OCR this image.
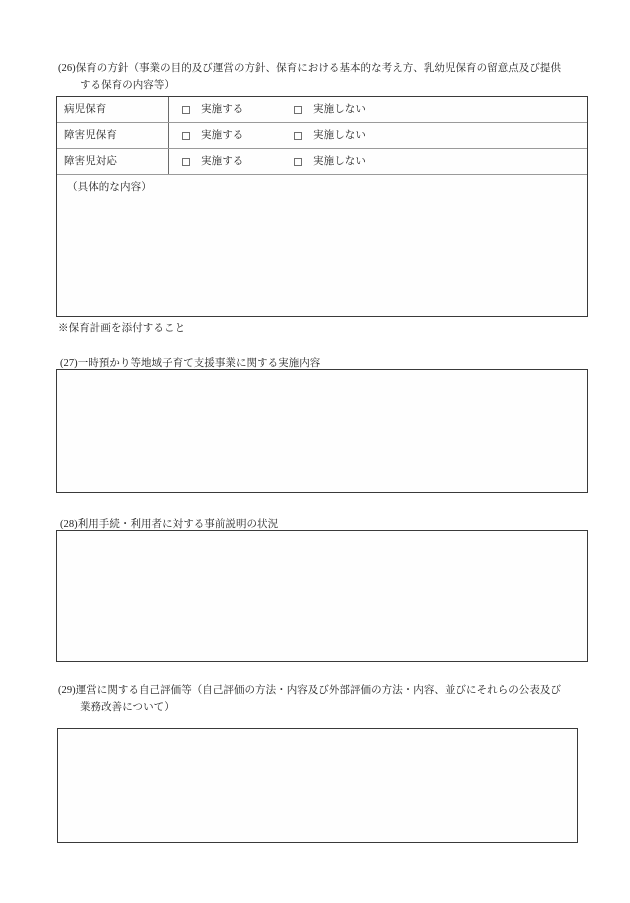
(26)保育の方針（事業の目的及び運営の方針、保育における基本的な考え方、乳幼児保育の留意点及び提供
する保育の内容等）
病児保育	実施する	実施しない
障害児保育	実施する	実施しない
障害児対応	実施する	実施しない
（具体的な内容）
※保育計画を添付すること
(27)一時預かり等地域子育て支援事業に関する実施内容
(28)利用手続・利用者に対する事前説明の状況
(29)運営に関する自己評価等（自己評価の方法・内容及び外部評価の方法・内容、並びにそれらの公表及び
業務改善について）
